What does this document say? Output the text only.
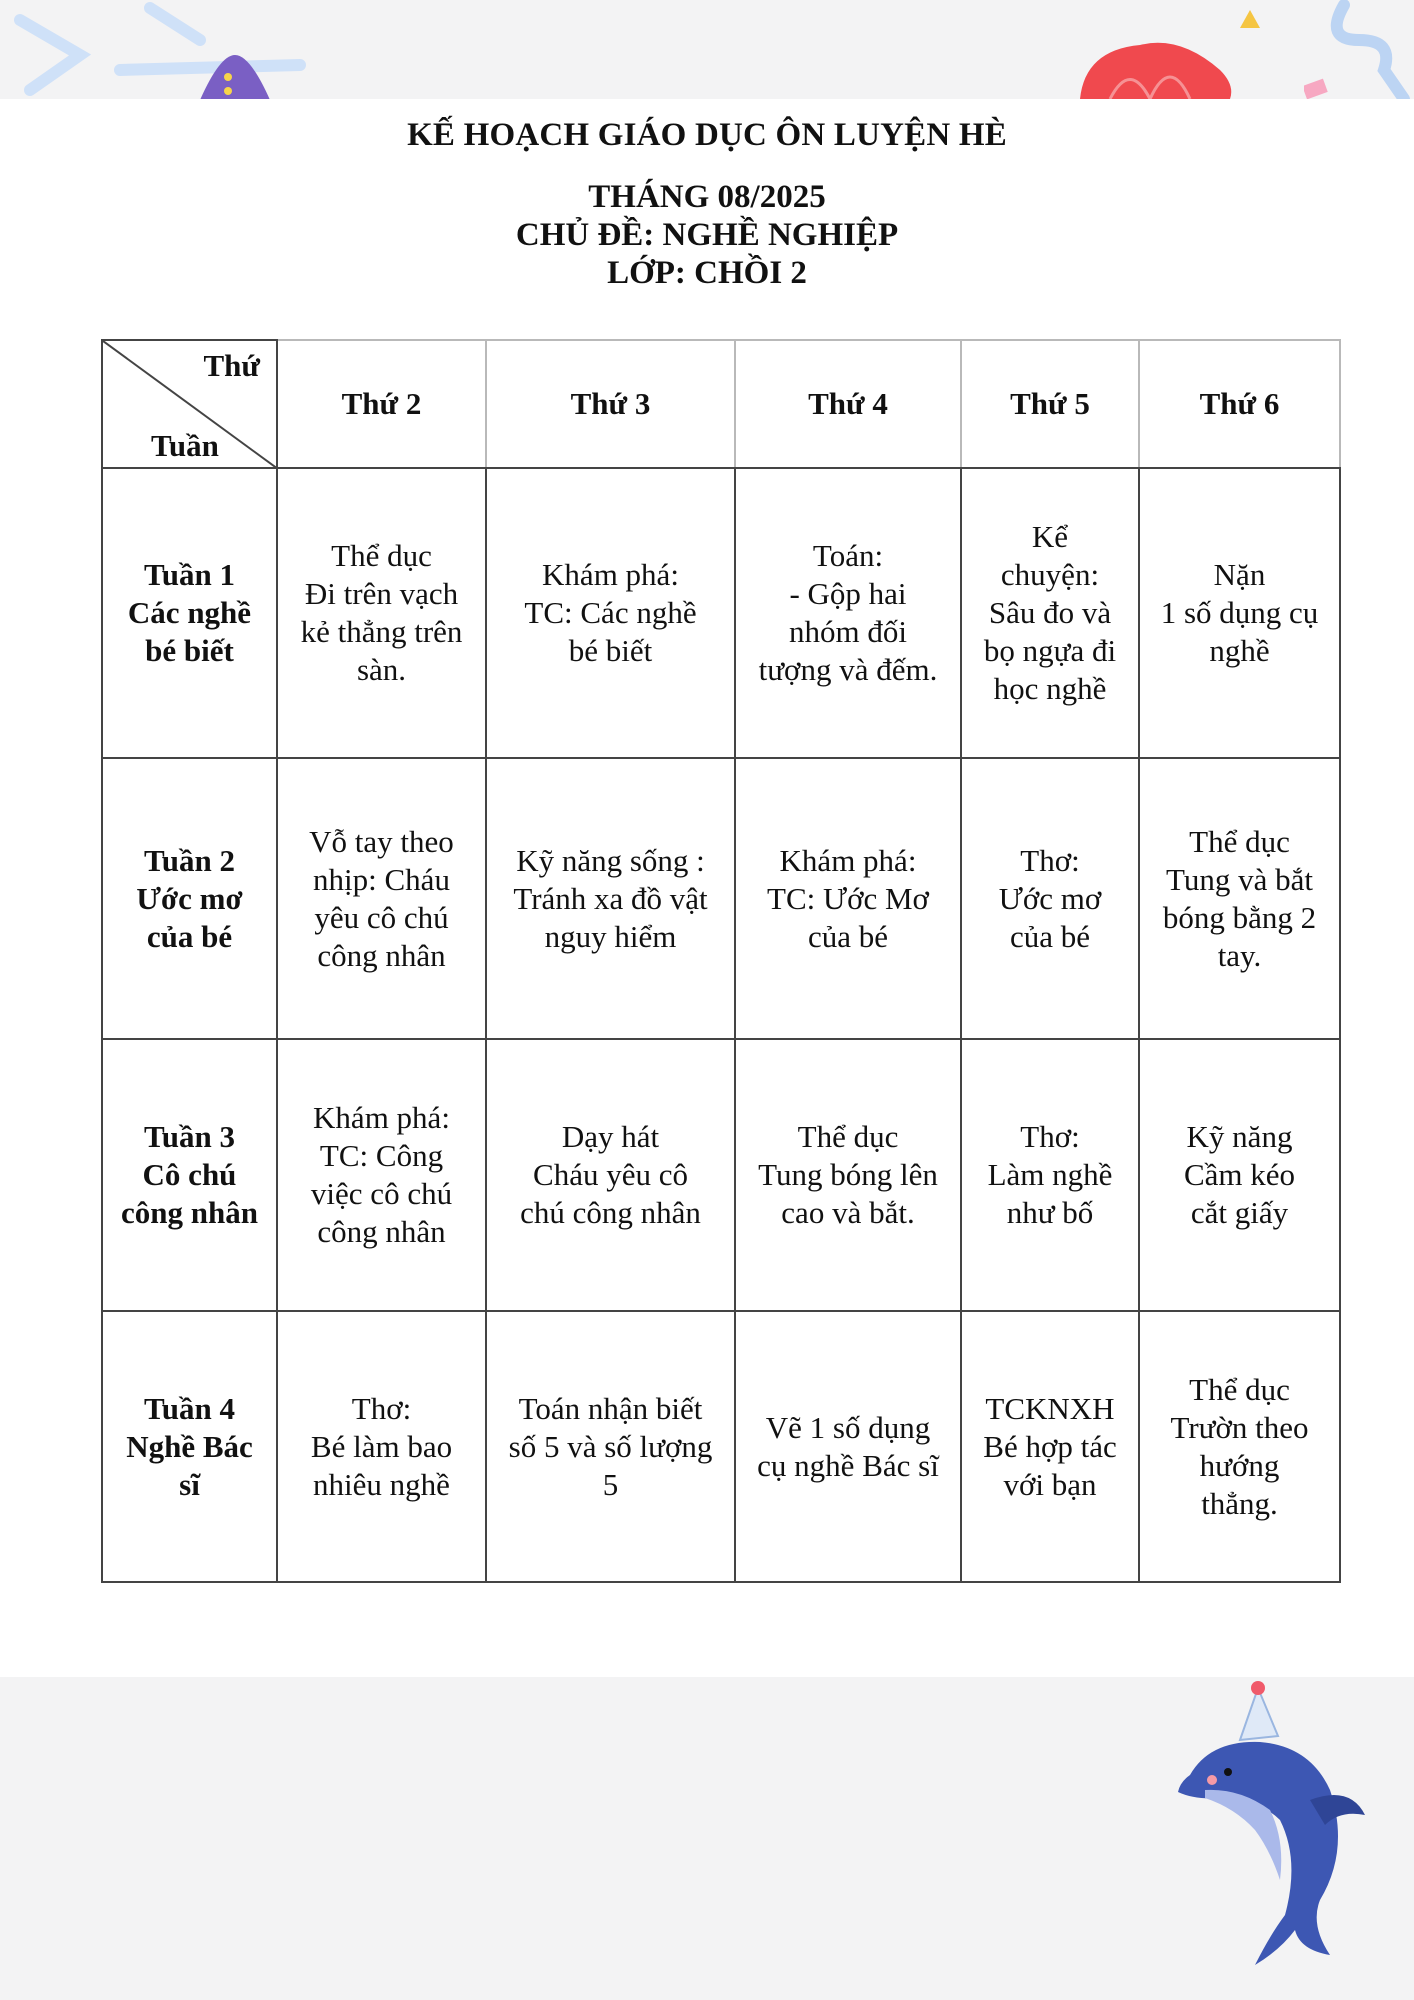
KẾ HOẠCH GIÁO DỤC ÔN LUYỆN HÈ
THÁNG 08/2025
CHỦ ĐỀ: NGHỀ NGHIỆP
LỚP: CHỒI 2
Thứ
Tuần	Thứ 2	Thứ 3	Thứ 4	Thứ 5	Thứ 6

Tuần 1
Các nghề
bé biết	Thể dục
Đi trên vạch
kẻ thẳng trên
sàn.	Khám phá:
TC: Các nghề
bé biết	Toán:
- Gộp hai
nhóm đối
tượng và đếm.	Kể
chuyện:
Sâu đo và
bọ ngựa đi
học nghề	Nặn
1 số dụng cụ
nghề

Tuần 2
Ước mơ
của bé	Vỗ tay theo
nhịp: Cháu
yêu cô chú
công nhân	Kỹ năng sống :
Tránh xa đồ vật
nguy hiểm	Khám phá:
TC: Ước Mơ
của bé	Thơ:
Ước mơ
của bé	Thể dục
Tung và bắt
bóng bằng 2
tay.

Tuần 3
Cô chú
công nhân	Khám phá:
TC: Công
việc cô chú
công nhân	Dạy hát
Cháu yêu cô
chú công nhân	Thể dục
Tung bóng lên
cao và bắt.	Thơ:
Làm nghề
như bố	Kỹ năng
Cầm kéo
cắt giấy

Tuần 4
Nghề Bác
sĩ	Thơ:
Bé làm bao
nhiêu nghề	Toán nhận biết
số 5 và số lượng
5	Vẽ 1 số dụng
cụ nghề Bác sĩ	TCKNXH
Bé hợp tác
với bạn	Thể dục
Trườn theo
hướng
thẳng.
